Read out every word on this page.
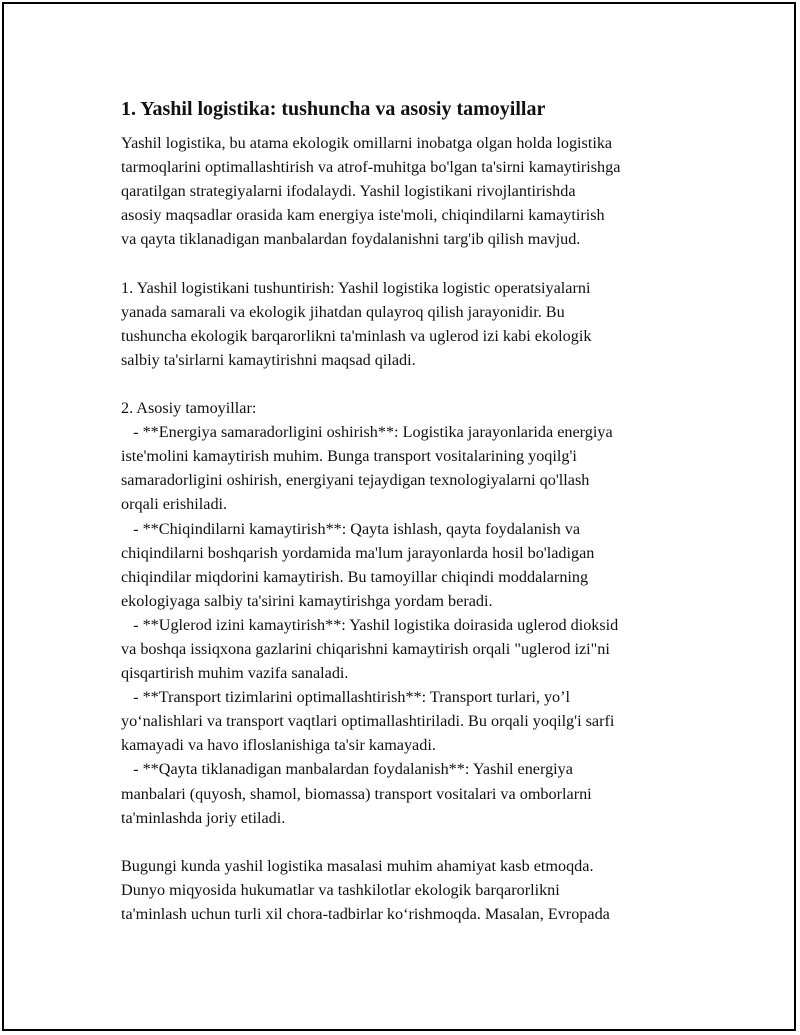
1. Yashil logistika: tushuncha va asosiy tamoyillar
Yashil logistika, bu atama ekologik omillarni inobatga olgan holda logistika
tarmoqlarini optimallashtirish va atrof-muhitga bo'lgan ta'sirni kamaytirishga
qaratilgan strategiyalarni ifodalaydi. Yashil logistikani rivojlantirishda
asosiy maqsadlar orasida kam energiya iste'moli, chiqindilarni kamaytirish
va qayta tiklanadigan manbalardan foydalanishni targ'ib qilish mavjud.
1. Yashil logistikani tushuntirish: Yashil logistika logistic operatsiyalarni
yanada samarali va ekologik jihatdan qulayroq qilish jarayonidir. Bu
tushuncha ekologik barqarorlikni ta'minlash va uglerod izi kabi ekologik
salbiy ta'sirlarni kamaytirishni maqsad qiladi.
2. Asosiy tamoyillar:
- **Energiya samaradorligini oshirish**: Logistika jarayonlarida energiya
iste'molini kamaytirish muhim. Bunga transport vositalarining yoqilg'i
samaradorligini oshirish, energiyani tejaydigan texnologiyalarni qo'llash
orqali erishiladi.
- **Chiqindilarni kamaytirish**: Qayta ishlash, qayta foydalanish va
chiqindilarni boshqarish yordamida ma'lum jarayonlarda hosil bo'ladigan
chiqindilar miqdorini kamaytirish. Bu tamoyillar chiqindi moddalarning
ekologiyaga salbiy ta'sirini kamaytirishga yordam beradi.
- **Uglerod izini kamaytirish**: Yashil logistika doirasida uglerod dioksid
va boshqa issiqxona gazlarini chiqarishni kamaytirish orqali "uglerod izi"ni
qisqartirish muhim vazifa sanaladi.
- **Transport tizimlarini optimallashtirish**: Transport turlari, yo’l
yo‘nalishlari va transport vaqtlari optimallashtiriladi. Bu orqali yoqilg'i sarfi
kamayadi va havo ifloslanishiga ta'sir kamayadi.
- **Qayta tiklanadigan manbalardan foydalanish**: Yashil energiya
manbalari (quyosh, shamol, biomassa) transport vositalari va omborlarni
ta'minlashda joriy etiladi.
Bugungi kunda yashil logistika masalasi muhim ahamiyat kasb etmoqda.
Dunyo miqyosida hukumatlar va tashkilotlar ekologik barqarorlikni
ta'minlash uchun turli xil chora-tadbirlar ko‘rishmoqda. Masalan, Evropada
